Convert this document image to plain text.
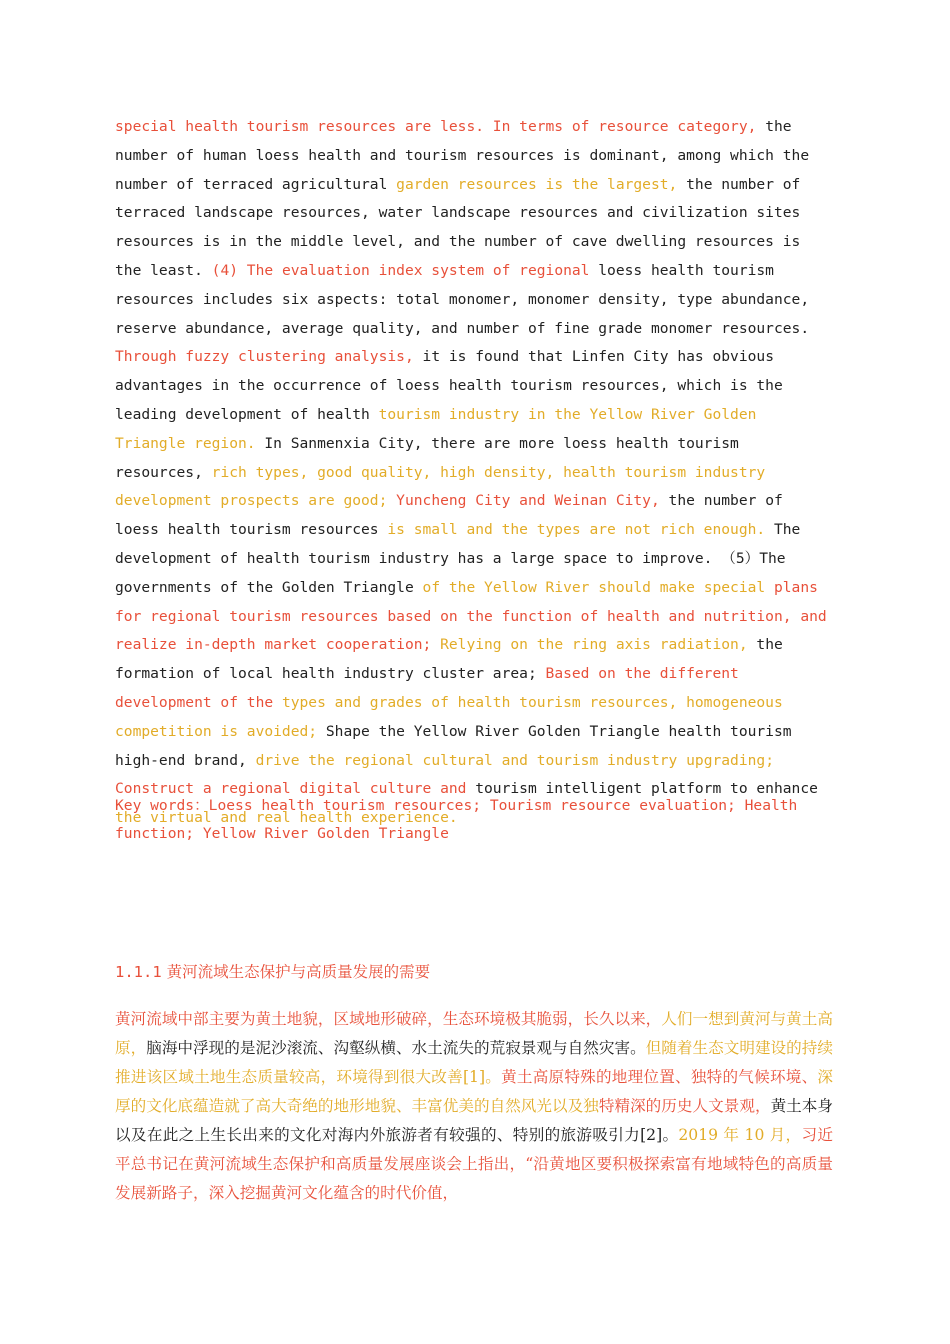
special health tourism resources are less. In terms of resource category, the number of human loess health and tourism resources is dominant, among which the number of terraced agricultural garden resources is the largest, the number of terraced landscape resources, water landscape resources and civilization sites resources is in the middle level, and the number of cave dwelling resources is the least. (4) The evaluation index system of regional loess health tourism resources includes six aspects: total monomer, monomer density, type abundance, reserve abundance, average quality, and number of fine grade monomer resources. Through fuzzy clustering analysis, it is found that Linfen City has obvious advantages in the occurrence of loess health tourism resources, which is the leading development of health tourism industry in the Yellow River Golden Triangle region. In Sanmenxia City, there are more loess health tourism resources, rich types, good quality, high density, health tourism industry development prospects are good; Yuncheng City and Weinan City, the number of loess health tourism resources is small and the types are not rich enough. The development of health tourism industry has a large space to improve. （5）The governments of the Golden Triangle of the Yellow River should make special plans for regional tourism resources based on the function of health and nutrition, and realize in-depth market cooperation; Relying on the ring axis radiation, the formation of local health industry cluster area; Based on the different development of the types and grades of health tourism resources, homogeneous competition is avoided; Shape the Yellow River Golden Triangle health tourism high-end brand, drive the regional cultural and tourism industry upgrading; Construct a regional digital culture and tourism intelligent platform to enhance the virtual and real health experience.

Key words：Loess health tourism resources; Tourism resource evaluation; Health function; Yellow River Golden Triangle

1.1.1 黄河流域生态保护与高质量发展的需要

黄河流域中部主要为黄土地貌，区域地形破碎，生态环境极其脆弱，长久以来，人们一想到黄河与黄土高原，脑海中浮现的是泥沙滚流、沟壑纵横、水土流失的荒寂景观与自然灾害。但随着生态文明建设的持续推进该区域土地生态质量较高，环境得到很大改善[1]。黄土高原特殊的地理位置、独特的气候环境、深厚的文化底蕴造就了高大奇绝的地形地貌、丰富优美的自然风光以及独特精深的历史人文景观，黄土本身以及在此之上生长出来的文化对海内外旅游者有较强的、特别的旅游吸引力[2]。2019 年 10 月，习近平总书记在黄河流域生态保护和高质量发展座谈会上指出，“沿黄地区要积极探索富有地域特色的高质量发展新路子，深入挖掘黄河文化蕴含的时代价值，
